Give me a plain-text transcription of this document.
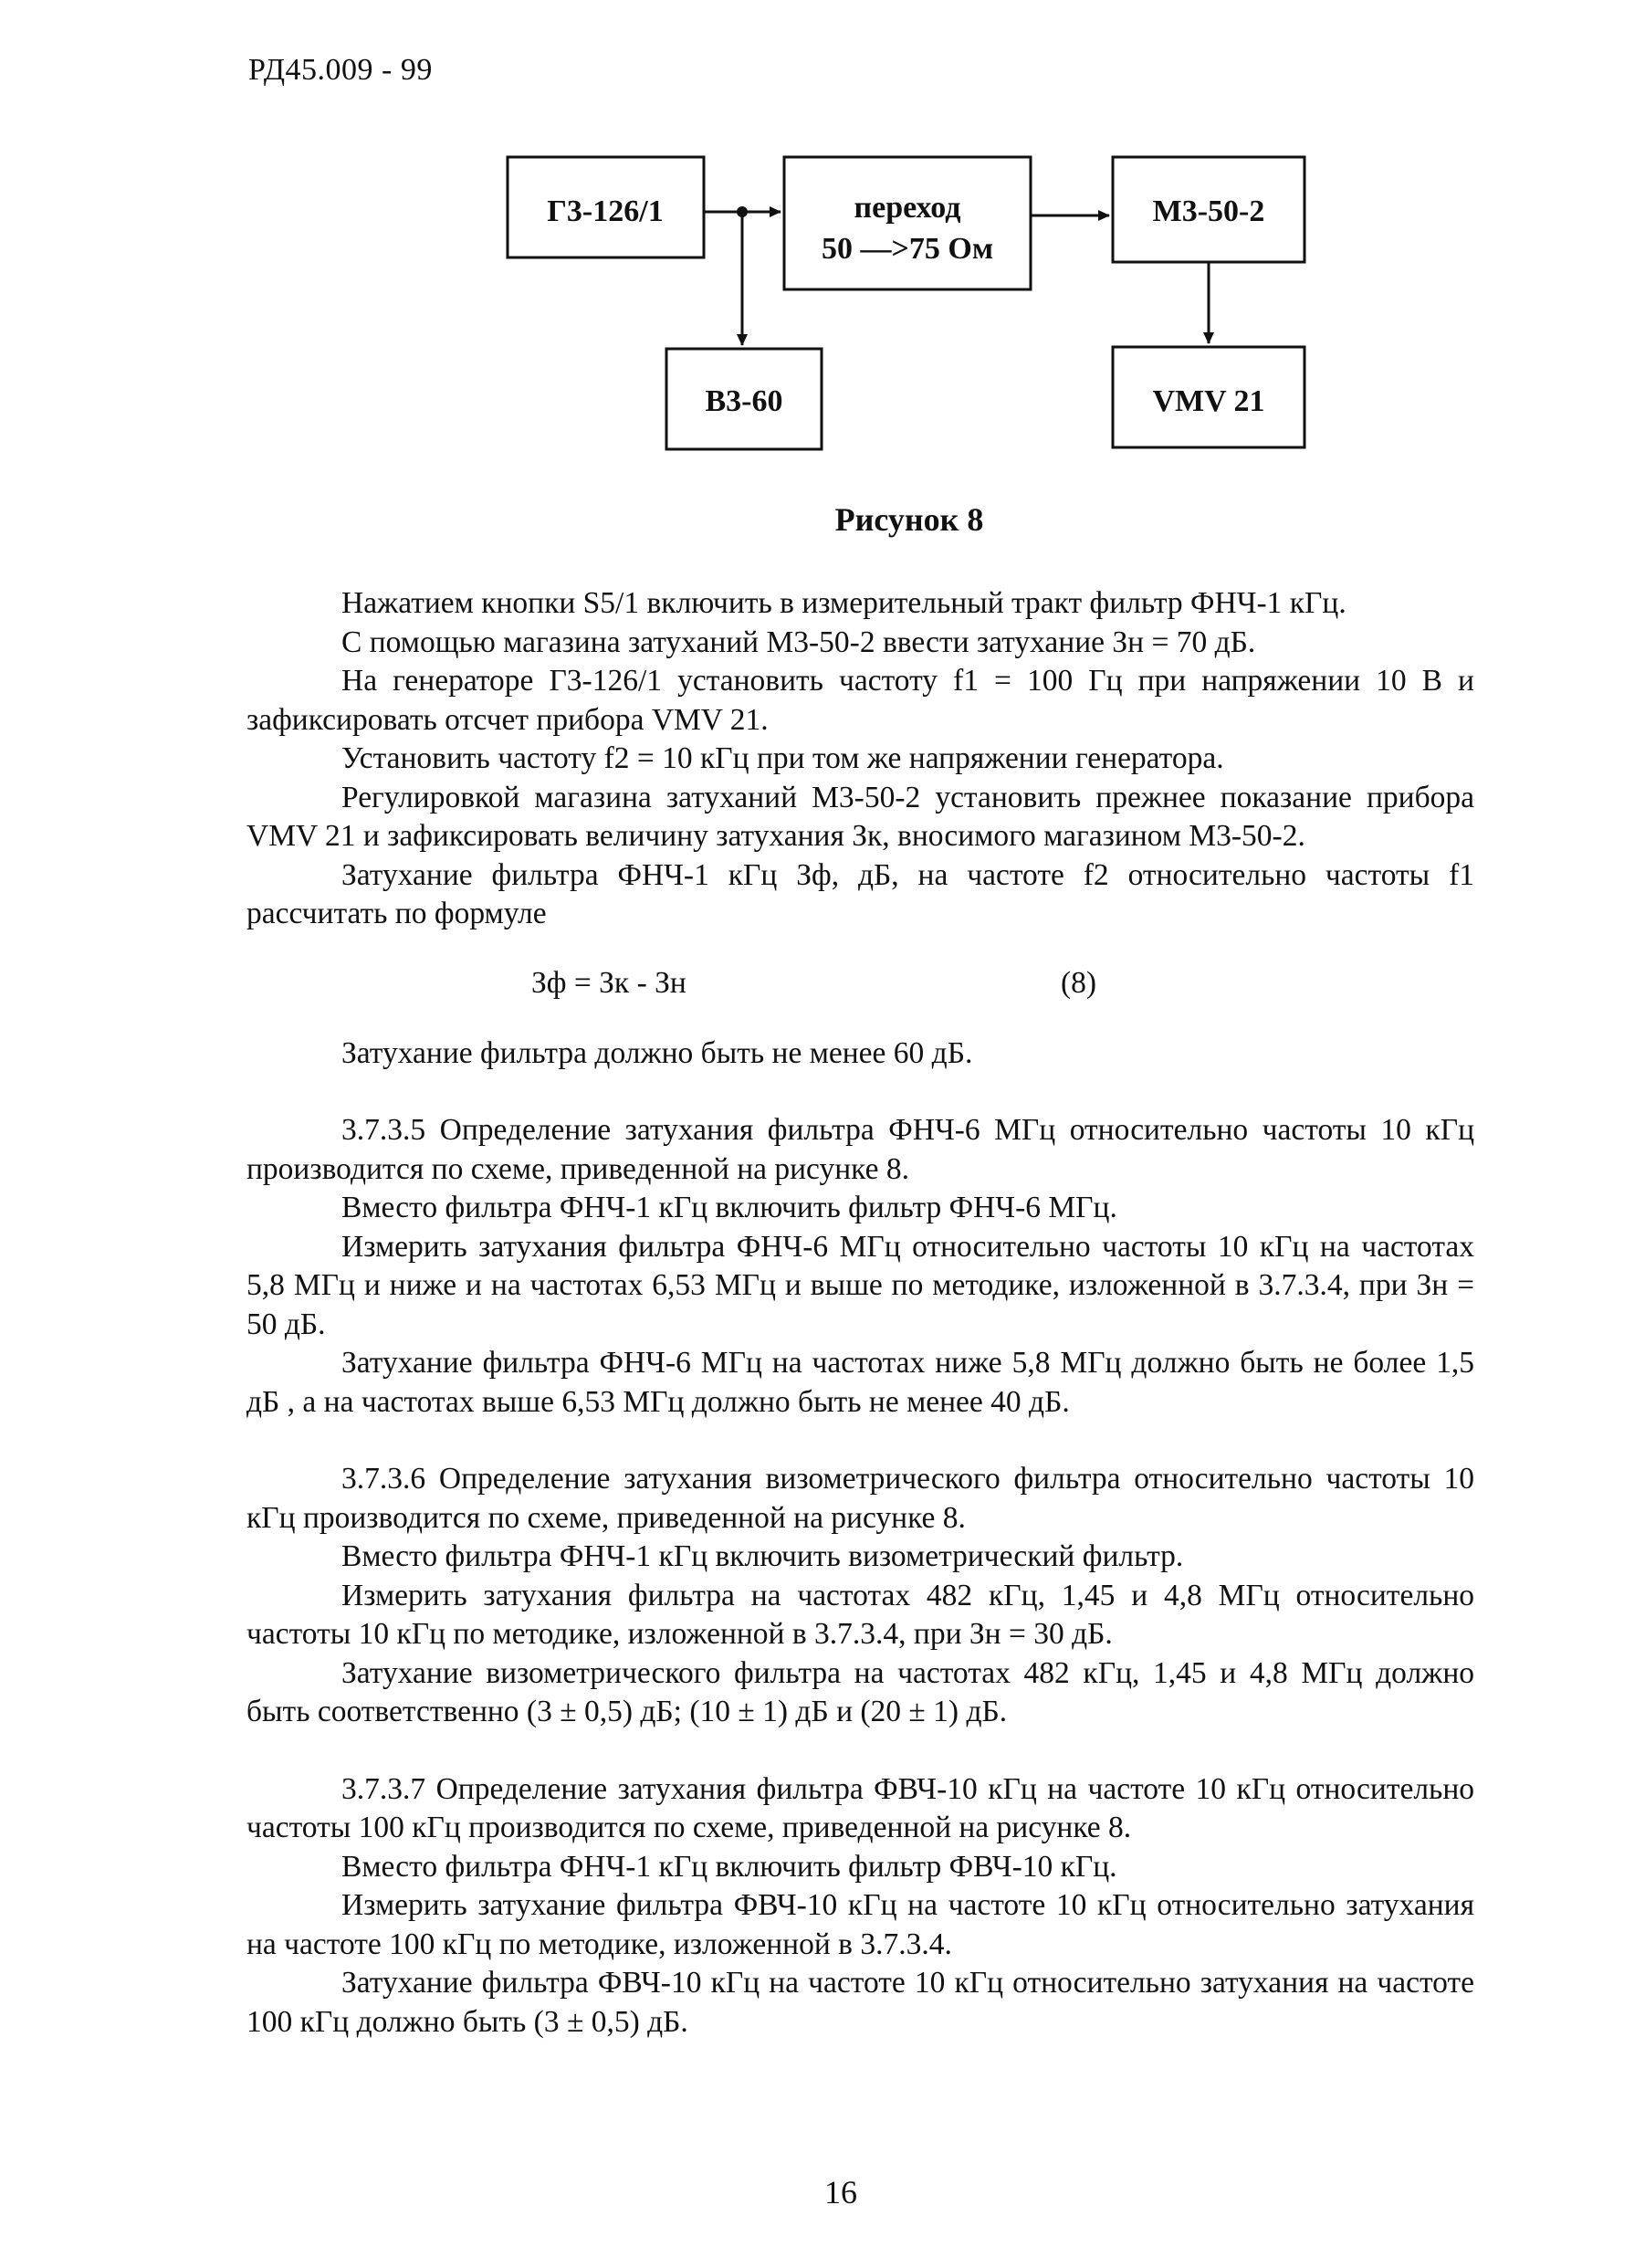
РД45.009 - 99
Г3-126/1	переход
50 —>75 Ом
М3-50-2
В3-60	VMV 21
Рисунок 8

Нажатием кнопки S5/1 включить в измерительный тракт фильтр ФНЧ-1 кГц.

С помощью магазина затуханий М3-50-2 ввести затухание Зн = 70 дБ.

На генераторе Г3-126/1 установить частоту f1 = 100 Гц при напряжении 10 В и зафиксировать отсчет прибора VMV 21.

Установить частоту f2 = 10 кГц при том же напряжении генератора.

Регулировкой магазина затуханий М3-50-2 установить прежнее показание прибора VMV 21 и зафиксировать величину затухания Зк, вносимого магазином М3-50-2.

Затухание фильтра ФНЧ-1 кГц Зф, дБ, на частоте f2 относительно частоты f1 рассчитать по формуле

Зф = Зк - Зн	(8)

Затухание фильтра должно быть не менее 60 дБ.

3.7.3.5 Определение затухания фильтра ФНЧ-6 МГц относительно частоты 10 кГц производится по схеме, приведенной на рисунке 8.

Вместо фильтра ФНЧ-1 кГц включить фильтр ФНЧ-6 МГц.

Измерить затухания фильтра ФНЧ-6 МГц относительно частоты 10 кГц на частотах 5,8 МГц и ниже и на частотах 6,53 МГц и выше по методике, изложенной в 3.7.3.4, при Зн = 50 дБ.

Затухание фильтра ФНЧ-6 МГц на частотах ниже 5,8 МГц должно быть не более 1,5 дБ , а на частотах выше 6,53 МГц должно быть не менее 40 дБ.

3.7.3.6 Определение затухания визометрического фильтра относительно частоты 10 кГц производится по схеме, приведенной на рисунке 8.

Вместо фильтра ФНЧ-1 кГц включить визометрический фильтр.

Измерить затухания фильтра на частотах 482 кГц, 1,45 и 4,8 МГц относительно частоты 10 кГц по методике, изложенной в 3.7.3.4, при Зн = 30 дБ.

Затухание визометрического фильтра на частотах 482 кГц, 1,45 и 4,8 МГц должно быть соответственно (3 ± 0,5) дБ; (10 ± 1) дБ и (20 ± 1) дБ.

3.7.3.7 Определение затухания фильтра ФВЧ-10 кГц на частоте 10 кГц относительно частоты 100 кГц производится по схеме, приведенной на рисунке 8.

Вместо фильтра ФНЧ-1 кГц включить фильтр ФВЧ-10 кГц.

Измерить затухание фильтра ФВЧ-10 кГц на частоте 10 кГц относительно затухания на частоте 100 кГц по методике, изложенной в 3.7.3.4.

Затухание фильтра ФВЧ-10 кГц на частоте 10 кГц относительно затухания на частоте 100 кГц должно быть (3 ± 0,5) дБ.

16
